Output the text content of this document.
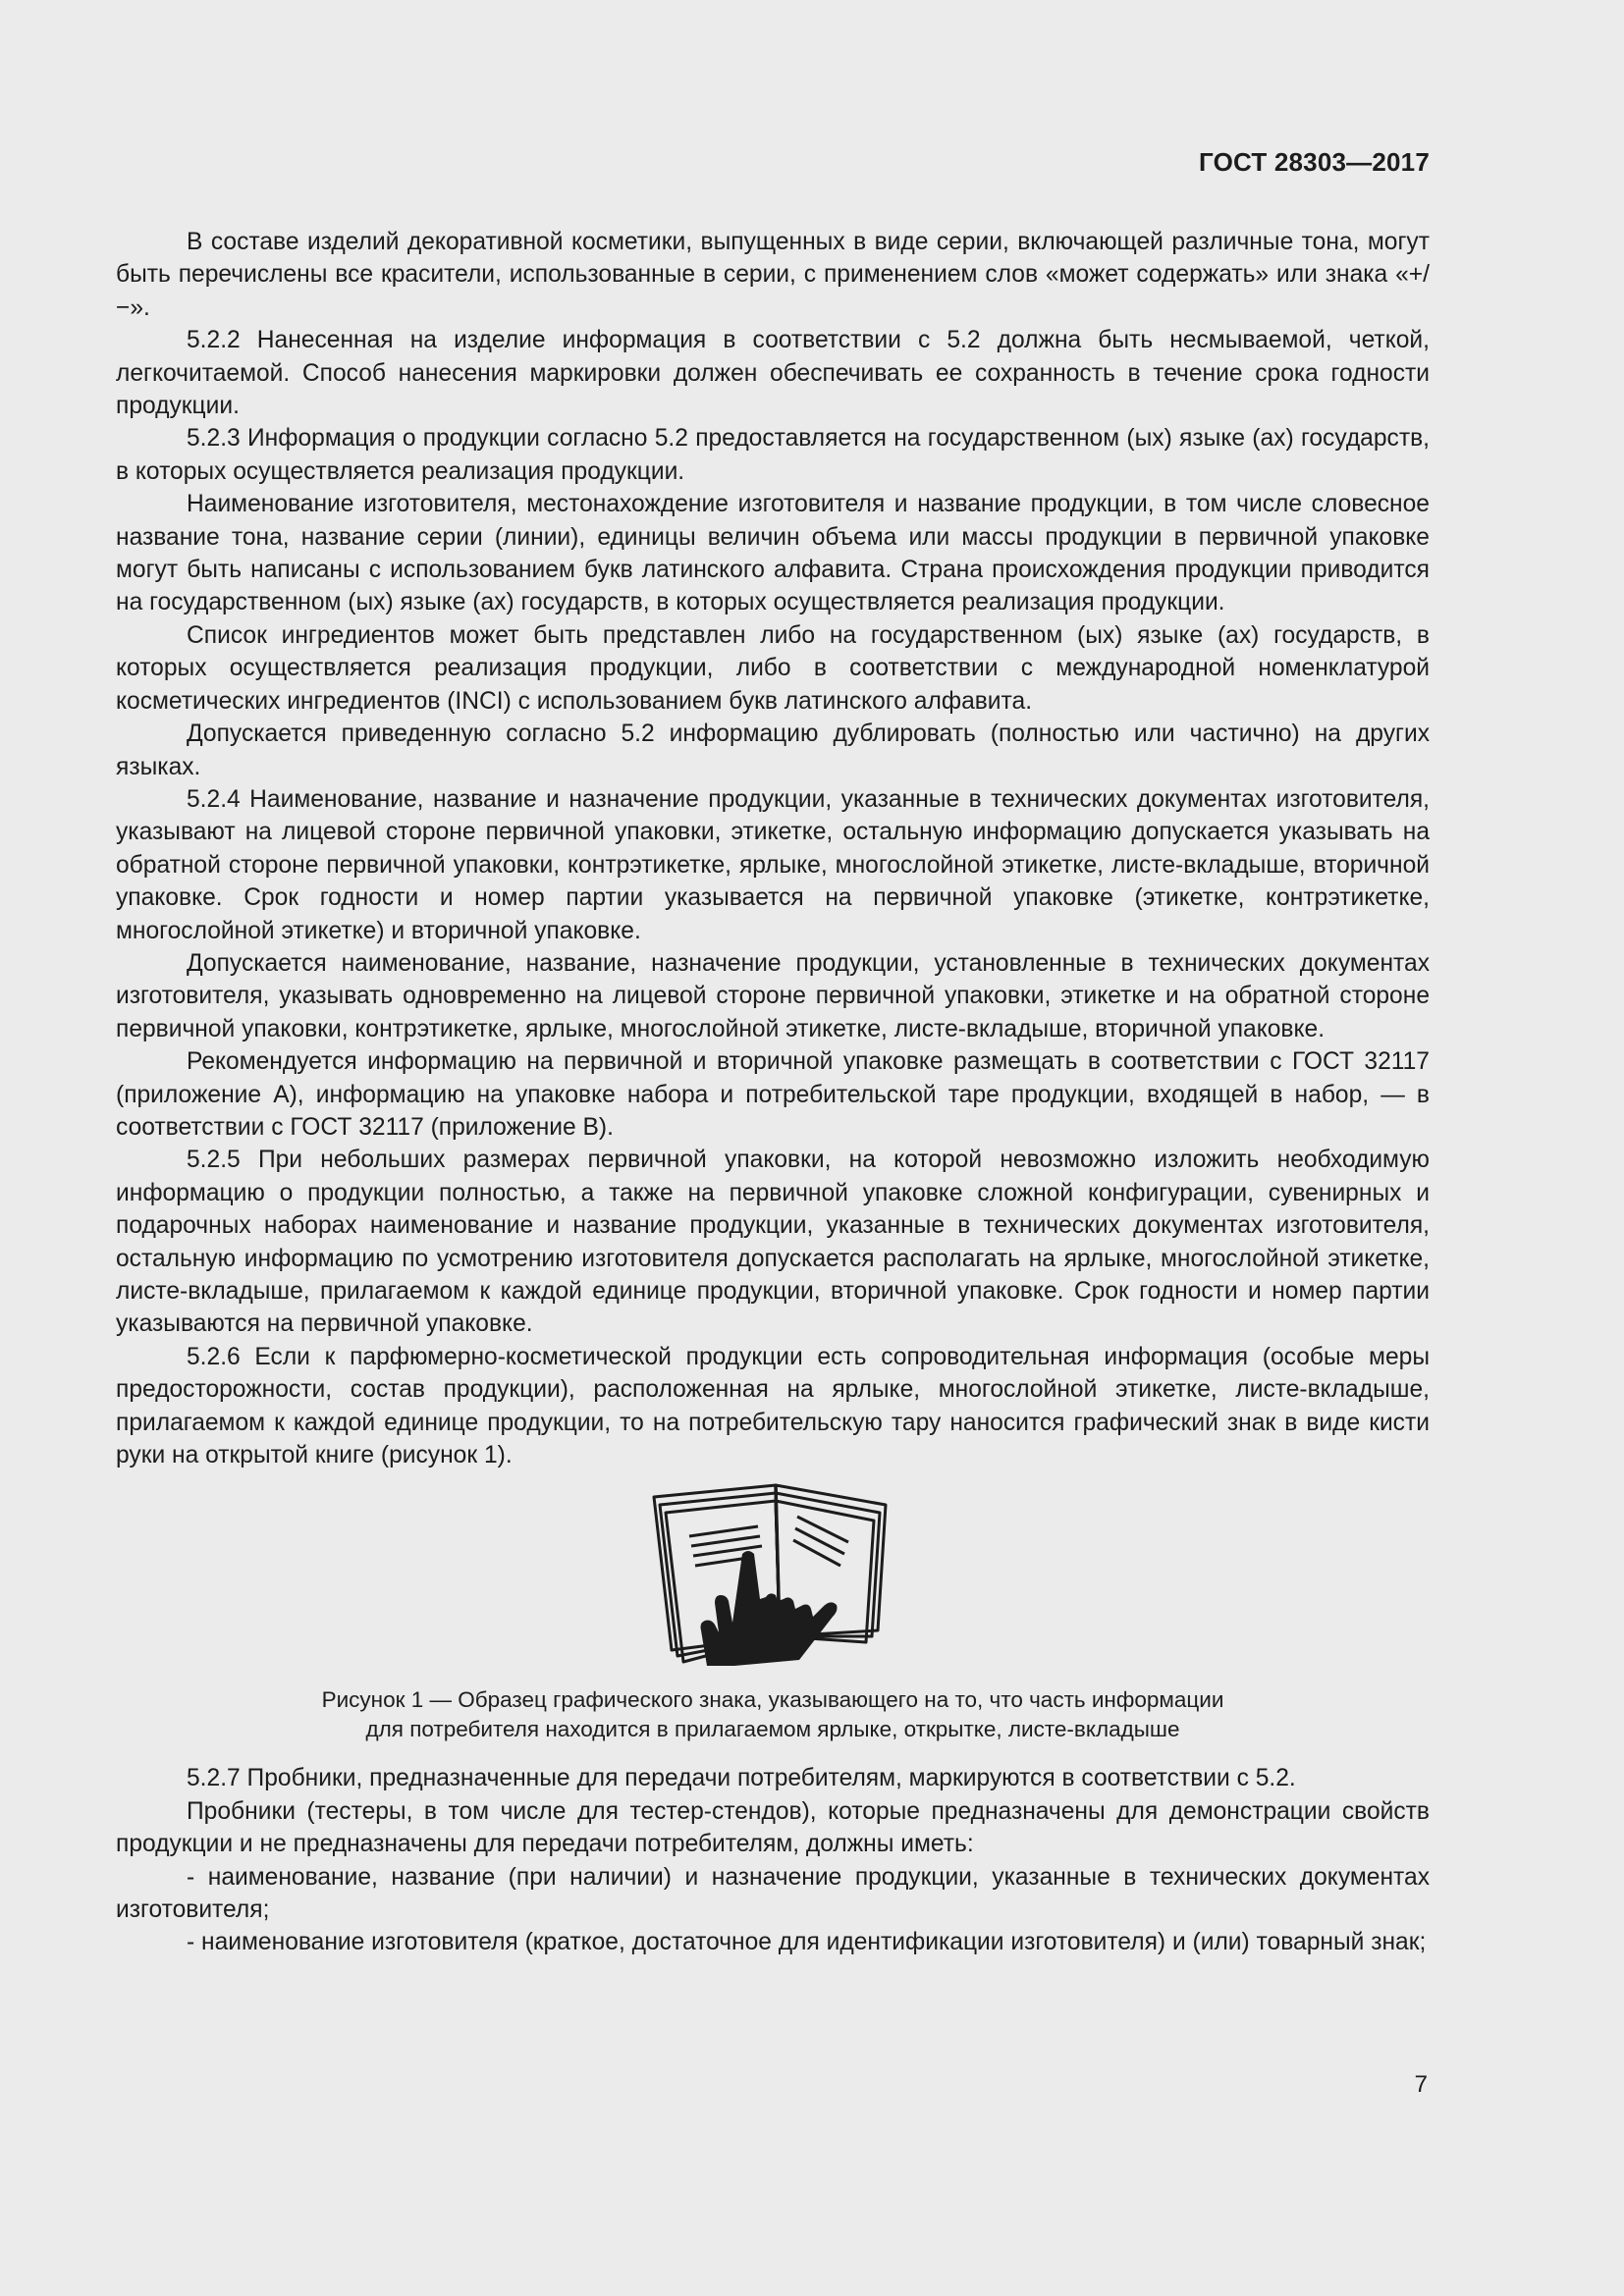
ГОСТ 28303—2017

В составе изделий декоративной косметики, выпущенных в виде серии, включающей различные тона, могут быть перечислены все красители, использованные в серии, с применением слов «может содержать» или знака «+/−».

5.2.2 Нанесенная на изделие информация в соответствии с 5.2 должна быть несмываемой, четкой, легкочитаемой. Способ нанесения маркировки должен обеспечивать ее сохранность в течение срока годности продукции.

5.2.3 Информация о продукции согласно 5.2 предоставляется на государственном (ых) языке (ах) государств, в которых осуществляется реализация продукции.

Наименование изготовителя, местонахождение изготовителя и название продукции, в том числе словесное название тона, название серии (линии), единицы величин объема или массы продукции в первичной упаковке могут быть написаны с использованием букв латинского алфавита. Страна происхождения продукции приводится на государственном (ых) языке (ах) государств, в которых осуществляется реализация продукции.

Список ингредиентов может быть представлен либо на государственном (ых) языке (ах) государств, в которых осуществляется реализация продукции, либо в соответствии с международной номенклатурой косметических ингредиентов (INCI) с использованием букв латинского алфавита.

Допускается приведенную согласно 5.2 информацию дублировать (полностью или частично) на других языках.

5.2.4 Наименование, название и назначение продукции, указанные в технических документах изготовителя, указывают на лицевой стороне первичной упаковки, этикетке, остальную информацию допускается указывать на обратной стороне первичной упаковки, контрэтикетке, ярлыке, многослойной этикетке, листе-вкладыше, вторичной упаковке. Срок годности и номер партии указывается на первичной упаковке (этикетке, контрэтикетке, многослойной этикетке) и вторичной упаковке.

Допускается наименование, название, назначение продукции, установленные в технических документах изготовителя, указывать одновременно на лицевой стороне первичной упаковки, этикетке и на обратной стороне первичной упаковки, контрэтикетке, ярлыке, многослойной этикетке, листе-вкладыше, вторичной упаковке.

Рекомендуется информацию на первичной и вторичной упаковке размещать в соответствии с ГОСТ 32117 (приложение А), информацию на упаковке набора и потребительской таре продукции, входящей в набор, — в соответствии с ГОСТ 32117 (приложение В).

5.2.5 При небольших размерах первичной упаковки, на которой невозможно изложить необходимую информацию о продукции полностью, а также на первичной упаковке сложной конфигурации, сувенирных и подарочных наборах наименование и название продукции, указанные в технических документах изготовителя, остальную информацию по усмотрению изготовителя допускается располагать на ярлыке, многослойной этикетке, листе-вкладыше, прилагаемом к каждой единице продукции, вторичной упаковке. Срок годности и номер партии указываются на первичной упаковке.

5.2.6 Если к парфюмерно-косметической продукции есть сопроводительная информация (особые меры предосторожности, состав продукции), расположенная на ярлыке, многослойной этикетке, листе-вкладыше, прилагаемом к каждой единице продукции, то на потребительскую тару наносится графический знак в виде кисти руки на открытой книге (рисунок 1).

Рисунок 1 — Образец графического знака, указывающего на то, что часть информации
для потребителя находится в прилагаемом ярлыке, открытке, листе-вкладыше

5.2.7 Пробники, предназначенные для передачи потребителям, маркируются в соответствии с 5.2.

Пробники (тестеры, в том числе для тестер-стендов), которые предназначены для демонстрации свойств продукции и не предназначены для передачи потребителям, должны иметь:

- наименование, название (при наличии) и назначение продукции, указанные в технических документах изготовителя;

- наименование изготовителя (краткое, достаточное для идентификации изготовителя) и (или) товарный знак;

7
